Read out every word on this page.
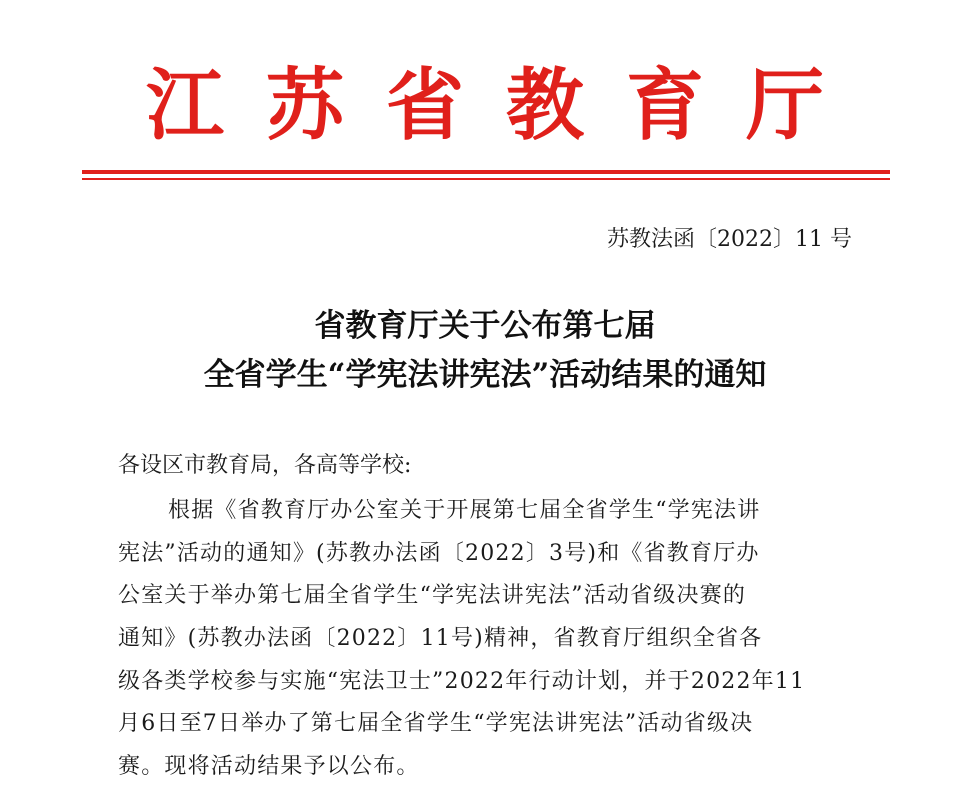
江苏省教育厅
苏教法函〔2022〕11 号
省教育厅关于公布第七届
全省学生“学宪法讲宪法”活动结果的通知
各设区市教育局，各高等学校:
根据《省教育厅办公室关于开展第七届全省学生“学宪法讲
宪法”活动的通知》(苏教办法函〔2022〕3号)和《省教育厅办
公室关于举办第七届全省学生“学宪法讲宪法”活动省级决赛的
通知》(苏教办法函〔2022〕11号)精神，省教育厅组织全省各
级各类学校参与实施“宪法卫士”2022年行动计划，并于2022年11
月6日至7日举办了第七届全省学生“学宪法讲宪法”活动省级决
赛。现将活动结果予以公布。
